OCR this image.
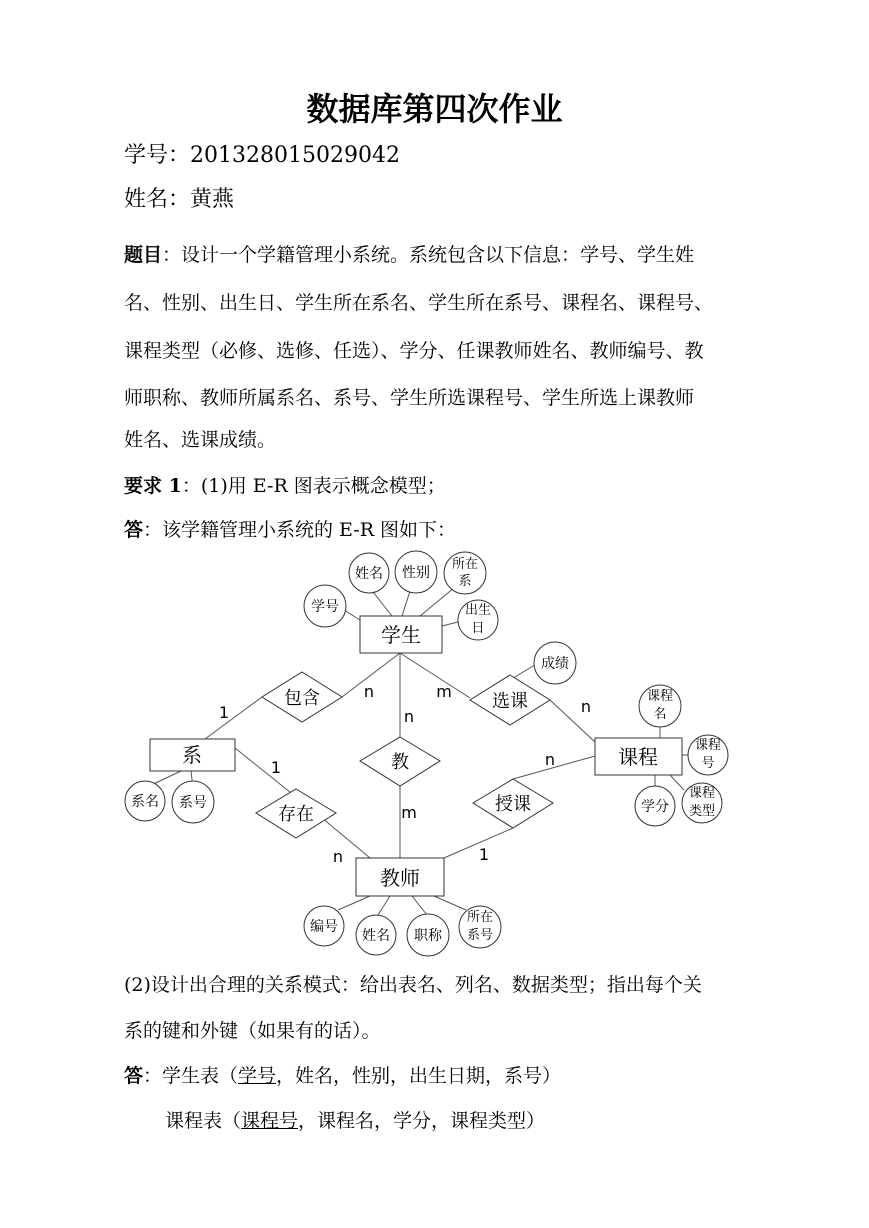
数据库第四次作业
学号：201328015029042
姓名：黄燕
题目：设计一个学籍管理小系统。系统包含以下信息：学号、学生姓
名、性别、出生日、学生所在系名、学生所在系号、课程名、课程号、
课程类型（必修、选修、任选）、学分、任课教师姓名、教师编号、教
师职称、教师所属系名、系号、学生所选课程号、学生所选上课教师
姓名、选课成绩。
要求 1：(1)用 E-R 图表示概念模型；
答：该学籍管理小系统的 E-R 图如下：
学生
系	课程
教师
包含	选课
教
存在	授课
姓名 性别
所在
系
学号	出生
日
成绩
课程
名
课程
号
学分
课程
类型
系名 系号
编号
姓名 职称
所在
系号
1
n
n
m
m
n
1
n
n
1
(2)设计出合理的关系模式：给出表名、列名、数据类型；指出每个关
系的键和外键（如果有的话）。
答：学生表（学号，姓名，性别，出生日期，系号）
课程表（课程号，课程名，学分，课程类型）
